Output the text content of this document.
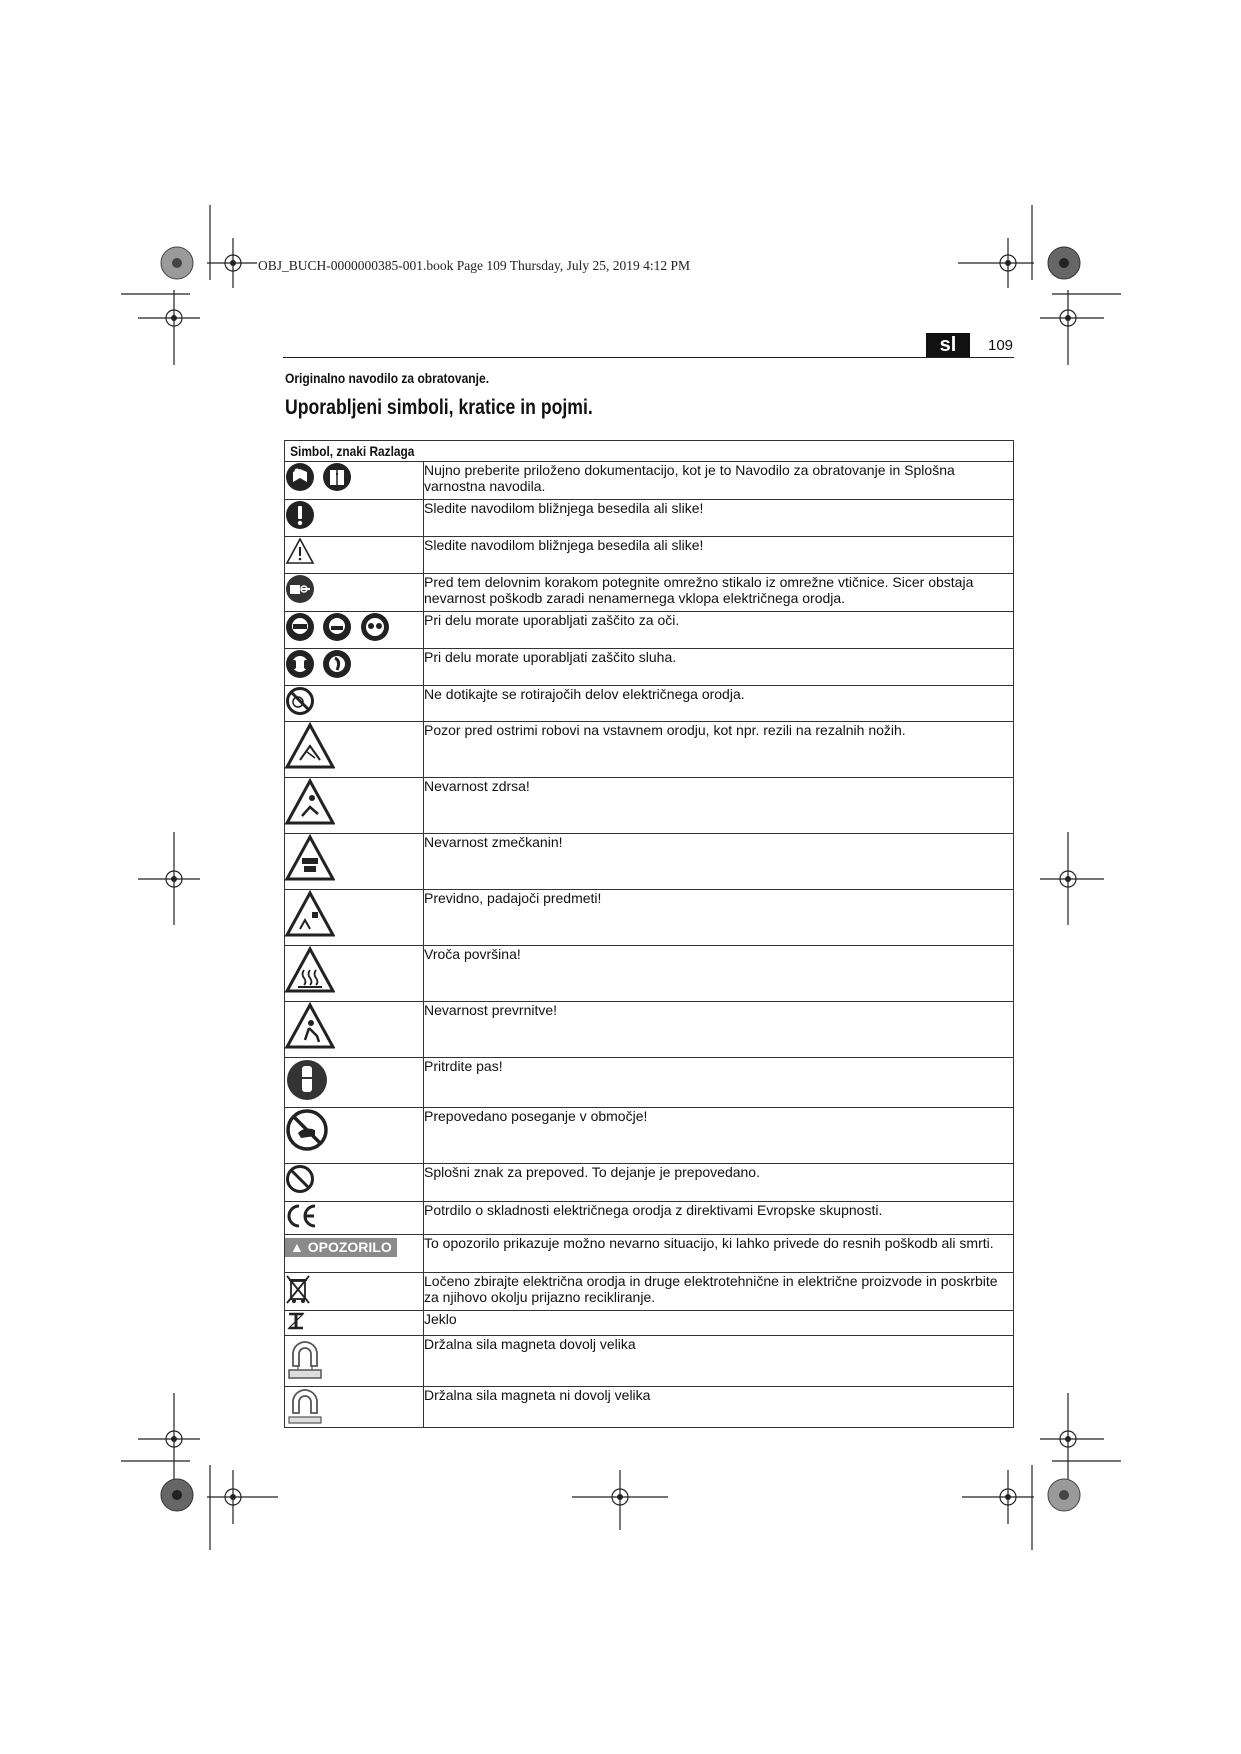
OBJ_BUCH-0000000385-001.book Page 109 Thursday, July 25, 2019 4:12 PM
sl	109
Originalno navodilo za obratovanje.
Uporabljeni simboli, kratice in pojmi.
Simbol, znaki Razlaga	
	Nujno preberite priloženo dokumentacijo, kot je to Navodilo za obratovanje in Splošna varnostna navodila.
	Sledite navodilom bližnjega besedila ali slike!
	Sledite navodilom bližnjega besedila ali slike!
	Pred tem delovnim korakom potegnite omrežno stikalo iz omrežne vtičnice. Sicer obstaja nevarnost poškodb zaradi nenamernega vklopa električnega orodja.
	Pri delu morate uporabljati zaščito za oči.
	Pri delu morate uporabljati zaščito sluha.
	Ne dotikajte se rotirajočih delov električnega orodja.
	Pozor pred ostrimi robovi na vstavnem orodju, kot npr. rezili na rezalnih nožih.
	Nevarnost zdrsa!
	Nevarnost zmečkanin!
	Previdno, padajoči predmeti!
	Vroča površina!
	Nevarnost prevrnitve!
	Pritrdite pas!
	Prepovedano poseganje v območje!
	Splošni znak za prepoved. To dejanje je prepovedano.
	Potrdilo o skladnosti električnega orodja z direktivami Evropske skupnosti.
▲ OPOZORILO	To opozorilo prikazuje možno nevarno situacijo, ki lahko privede do resnih poškodb ali smrti.
	Ločeno zbirajte električna orodja in druge elektrotehnične in električne proizvode in poskrbite za njihovo okolju prijazno recikliranje.
	Jeklo
	Držalna sila magneta dovolj velika
	Držalna sila magneta ni dovolj velika
